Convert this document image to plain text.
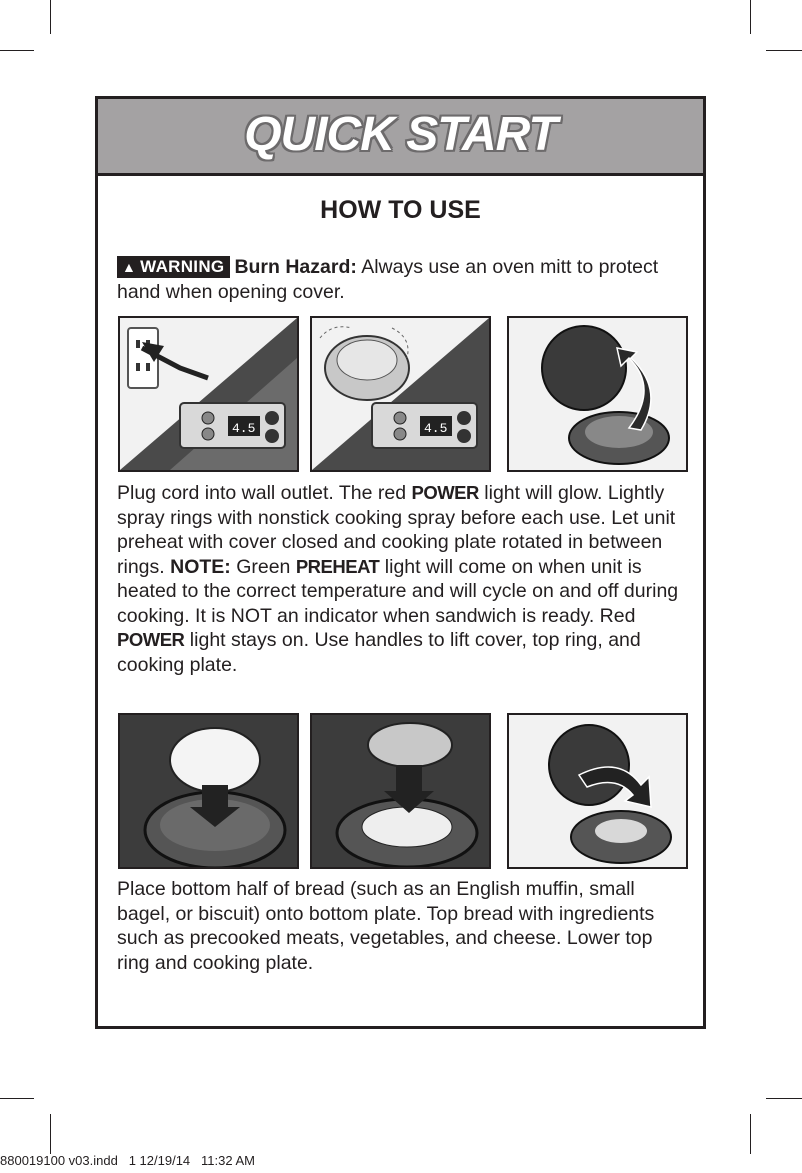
QUICK START
HOW TO USE
▲ WARNING Burn Hazard: Always use an oven mitt to protect hand when opening cover.
4.5	4.5
Plug cord into wall outlet. The red POWER light will glow. Lightly spray rings with nonstick cooking spray before each use. Let unit preheat with cover closed and cooking plate rotated in between rings. NOTE: Green PREHEAT light will come on when unit is heated to the correct temperature and will cycle on and off during cooking. It is NOT an indicator when sandwich is ready. Red POWER light stays on. Use handles to lift cover, top ring, and cooking plate.
Place bottom half of bread (such as an English muffin, small bagel, or biscuit) onto bottom plate. Top bread with ingredients such as precooked meats, vegetables, and cheese. Lower top ring and cooking plate.
880019100 v03.indd 1 12/19/14 11:32 AM
